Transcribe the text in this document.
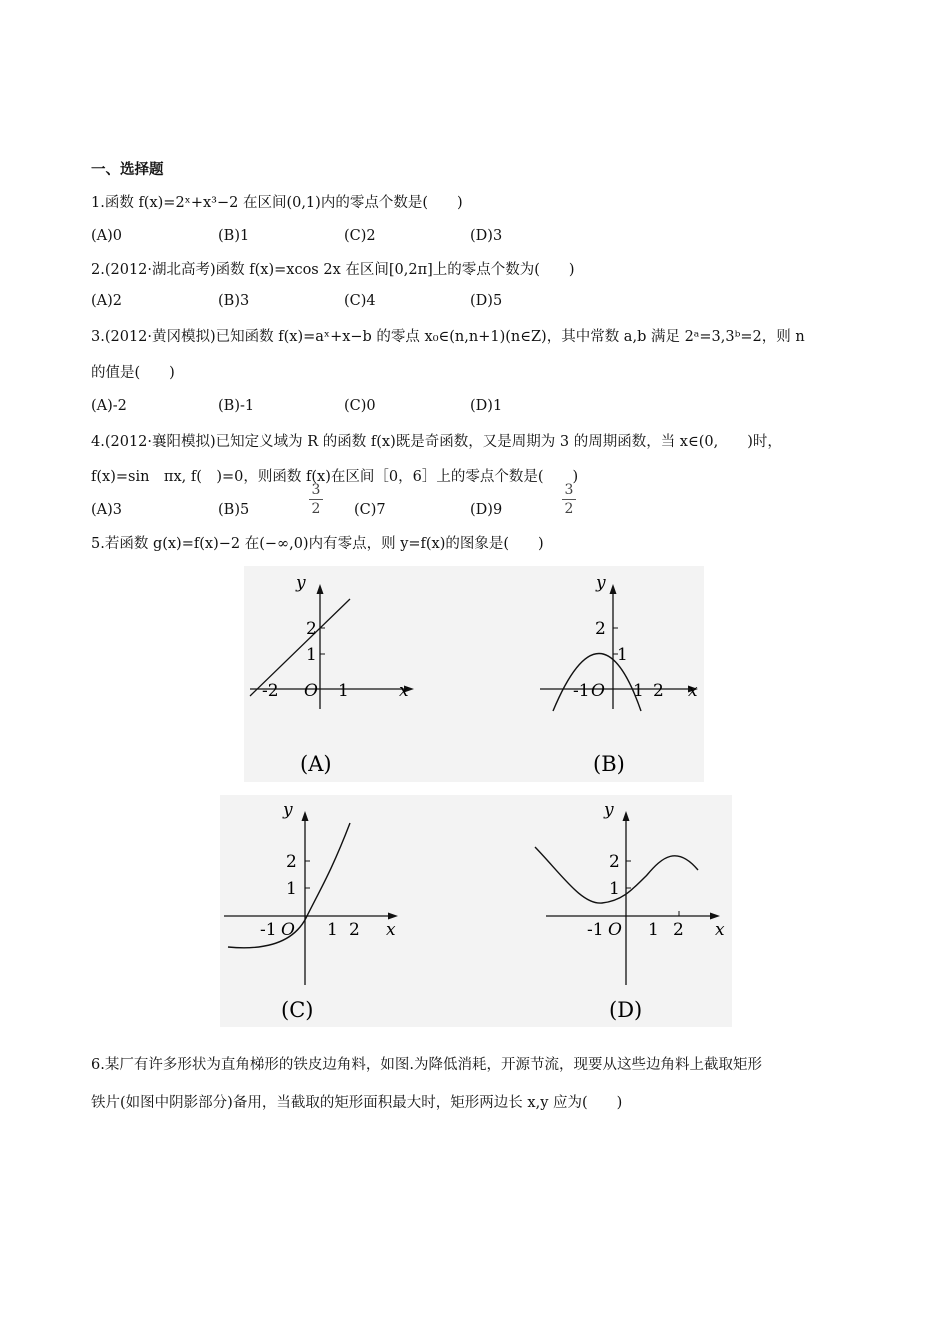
一、选择题
1.函数 f(x)=2ˣ+x³−2 在区间(0,1)内的零点个数是(　　)
(A)0	(B)1	(C)2	(D)3
2.(2012·湖北高考)函数 f(x)=xcos 2x 在区间[0,2π]上的零点个数为(　　)
(A)2	(B)3	(C)4	(D)5
3.(2012·黄冈模拟)已知函数 f(x)=aˣ+x−b 的零点 x₀∈(n,n+1)(n∈Z)，其中常数 a,b 满足 2ᵃ=3,3ᵇ=2，则 n
的值是(　　)
(A)-2	(B)-1	(C)0	(D)1
4.(2012·襄阳模拟)已知定义域为 R 的函数 f(x)既是奇函数，又是周期为 3 的周期函数，当 x∈(0,　　)时，
f(x)=sin　πx, f(　)=0，则函数 f(x)在区间［0，6］上的零点个数是(　　)
(A)3	(B)5	(C)7	(D)9
3
2
3
2
5.若函数 g(x)=f(x)−2 在(−∞,0)内有零点，则 y=f(x)的图象是(　　)
y
x
O
2
1
-2	1
(A)
y
x
O
2
1
-1	1 2
(B)
y
x
O
2
1
-1	1 2
(C)
y
x
O
2
1
-1	1 2
(D)
6.某厂有许多形状为直角梯形的铁皮边角料，如图.为降低消耗，开源节流，现要从这些边角料上截取矩形
铁片(如图中阴影部分)备用，当截取的矩形面积最大时，矩形两边长 x,y 应为(　　)
